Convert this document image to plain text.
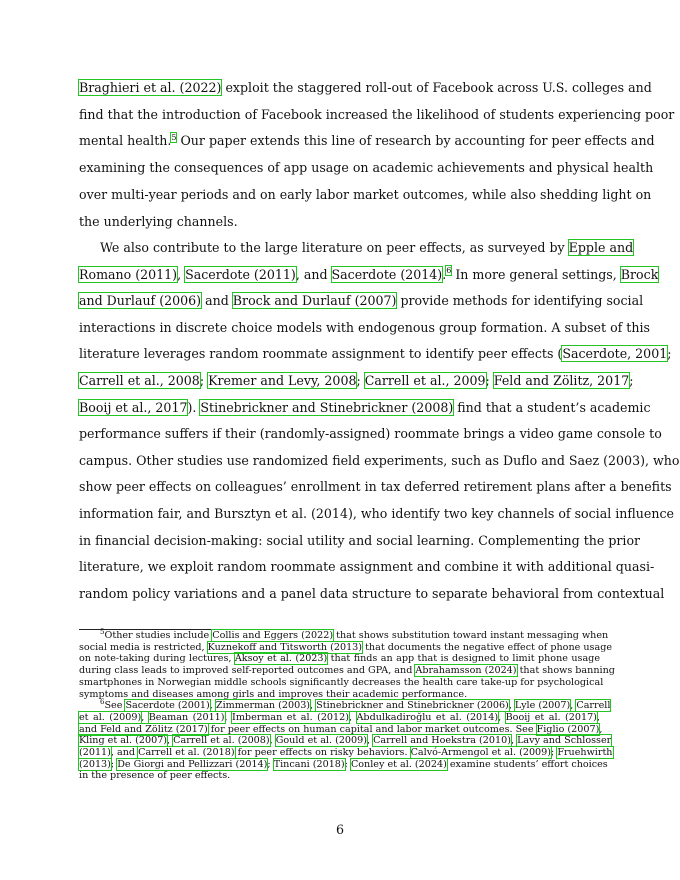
Braghieri et al. (2022) exploit the staggered roll-out of Facebook across U.S. colleges and
find that the introduction of Facebook increased the likelihood of students experiencing poor
mental health.$^5$ Our paper extends this line of research by accounting for peer effects and
examining the consequences of app usage on academic achievements and physical health
over multi-year periods and on early labor market outcomes, while also shedding light on
the underlying channels.
We also contribute to the large literature on peer effects, as surveyed by Epple and
Romano (2011), Sacerdote (2011), and Sacerdote (2014).$^6$ In more general settings, Brock
and Durlauf (2006) and Brock and Durlauf (2007) provide methods for identifying social
interactions in discrete choice models with endogenous group formation. A subset of this
literature leverages random roommate assignment to identify peer effects (Sacerdote, 2001;
Carrell et al., 2008; Kremer and Levy, 2008; Carrell et al., 2009; Feld and Zölitz, 2017;
Booij et al., 2017). Stinebrickner and Stinebrickner (2008) find that a student’s academic
performance suffers if their (randomly-assigned) roommate brings a video game console to
campus. Other studies use randomized field experiments, such as Duflo and Saez (2003), who
show peer effects on colleagues’ enrollment in tax deferred retirement plans after a benefits
information fair, and Bursztyn et al. (2014), who identify two key channels of social influence
in financial decision-making: social utility and social learning. Complementing the prior
literature, we exploit random roommate assignment and combine it with additional quasi-
random policy variations and a panel data structure to separate behavioral from contextual
$^5$Other studies include Collis and Eggers (2022) that shows substitution toward instant messaging when
social media is restricted, Kuznekoff and Titsworth (2013) that documents the negative effect of phone usage
on note-taking during lectures, Aksoy et al. (2023) that finds an app that is designed to limit phone usage
during class leads to improved self-reported outcomes and GPA, and Abrahamsson (2024) that shows banning
smartphones in Norwegian middle schools significantly decreases the health care take-up for psychological
symptoms and diseases among girls and improves their academic performance.
$^6$See Sacerdote (2001), Zimmerman (2003), Stinebrickner and Stinebrickner (2006), Lyle (2007), Carrell
et al. (2009), Beaman (2011), Imberman et al. (2012), Abdulkadiroğlu et al. (2014), Booij et al. (2017),
and Feld and Zölitz (2017) for peer effects on human capital and labor market outcomes. See Figlio (2007),
Kling et al. (2007), Carrell et al. (2008), Gould et al. (2009), Carrell and Hoekstra (2010), Lavy and Schlosser
(2011), and Carrell et al. (2018) for peer effects on risky behaviors. Calvó-Armengol et al. (2009); Fruehwirth
(2013); De Giorgi and Pellizzari (2014); Tincani (2018); Conley et al. (2024) examine students’ effort choices
in the presence of peer effects.
6
